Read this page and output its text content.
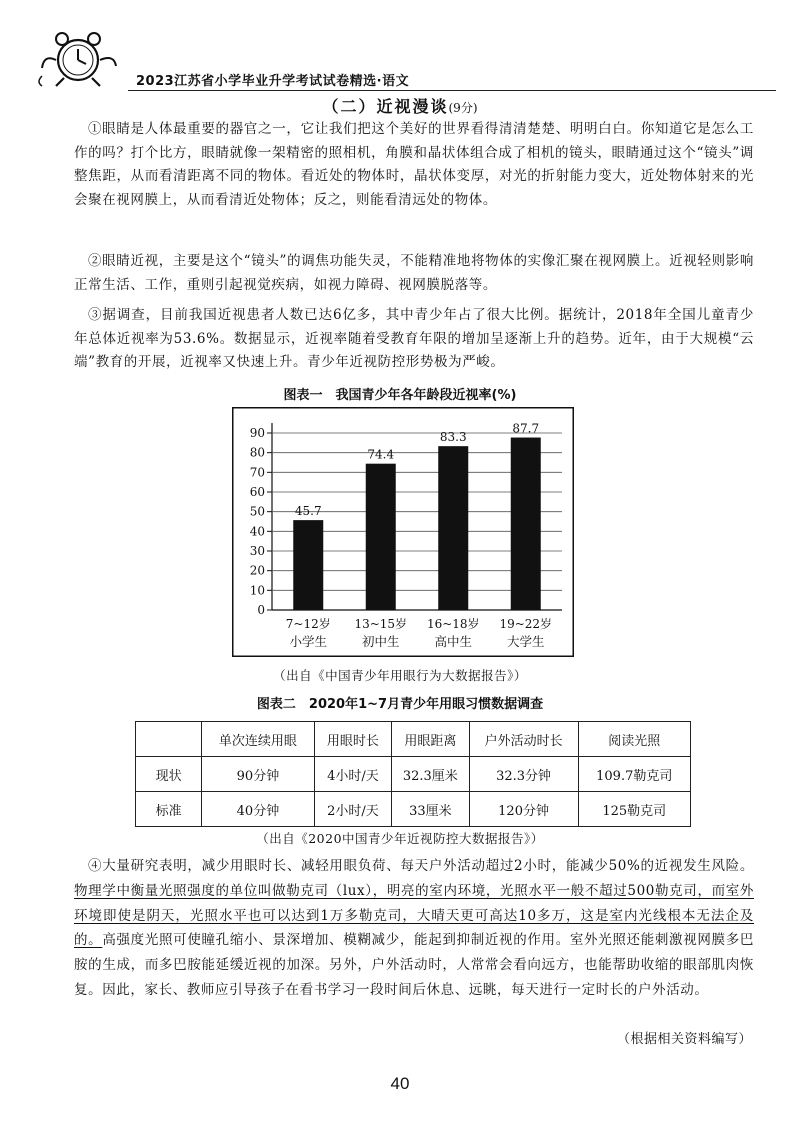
2023江苏省小学毕业升学考试试卷精选·语文
（二）近视漫谈(9分)
①眼睛是人体最重要的器官之一，它让我们把这个美好的世界看得清清楚楚、明明白白。你知道它是怎么工作的吗？打个比方，眼睛就像一架精密的照相机，角膜和晶状体组合成了相机的镜头，眼睛通过这个“镜头”调整焦距，从而看清距离不同的物体。看近处的物体时，晶状体变厚，对光的折射能力变大，近处物体射来的光会聚在视网膜上，从而看清近处物体；反之，则能看清远处的物体。
②眼睛近视，主要是这个“镜头”的调焦功能失灵，不能精准地将物体的实像汇聚在视网膜上。近视轻则影响正常生活、工作，重则引起视觉疾病，如视力障碍、视网膜脱落等。
③据调查，目前我国近视患者人数已达6亿多，其中青少年占了很大比例。据统计，2018年全国儿童青少年总体近视率为53.6%。数据显示，近视率随着受教育年限的增加呈逐渐上升的趋势。近年，由于大规模“云端”教育的开展，近视率又快速上升。青少年近视防控形势极为严峻。
图表一　我国青少年各年龄段近视率(%)
0
10
20
30
40
50
60
70
80
90
45.7
7~12岁
小学生
74.4
13~15岁
初中生
83.3
16~18岁
高中生
87.7
19~22岁
大学生
（出自《中国青少年用眼行为大数据报告》）
图表二　2020年1~7月青少年用眼习惯数据调查
	单次连续用眼	用眼时长	用眼距离	户外活动时长	阅读光照
现状	90分钟	4小时/天	32.3厘米	32.3分钟	109.7勒克司
标准	40分钟	2小时/天	33厘米	120分钟	125勒克司
（出自《2020中国青少年近视防控大数据报告》）
④大量研究表明，减少用眼时长、减轻用眼负荷、每天户外活动超过2小时，能减少50%的近视发生风险。物理学中衡量光照强度的单位叫做勒克司（lux），明亮的室内环境，光照水平一般不超过500勒克司，而室外环境即使是阴天，光照水平也可以达到1万多勒克司，大晴天更可高达10多万，这是室内光线根本无法企及的。高强度光照可使瞳孔缩小、景深增加、模糊减少，能起到抑制近视的作用。室外光照还能刺激视网膜多巴胺的生成，而多巴胺能延缓近视的加深。另外，户外活动时，人常常会看向远方，也能帮助收缩的眼部肌肉恢复。因此，家长、教师应引导孩子在看书学习一段时间后休息、远眺，每天进行一定时长的户外活动。
（根据相关资料编写）
40
